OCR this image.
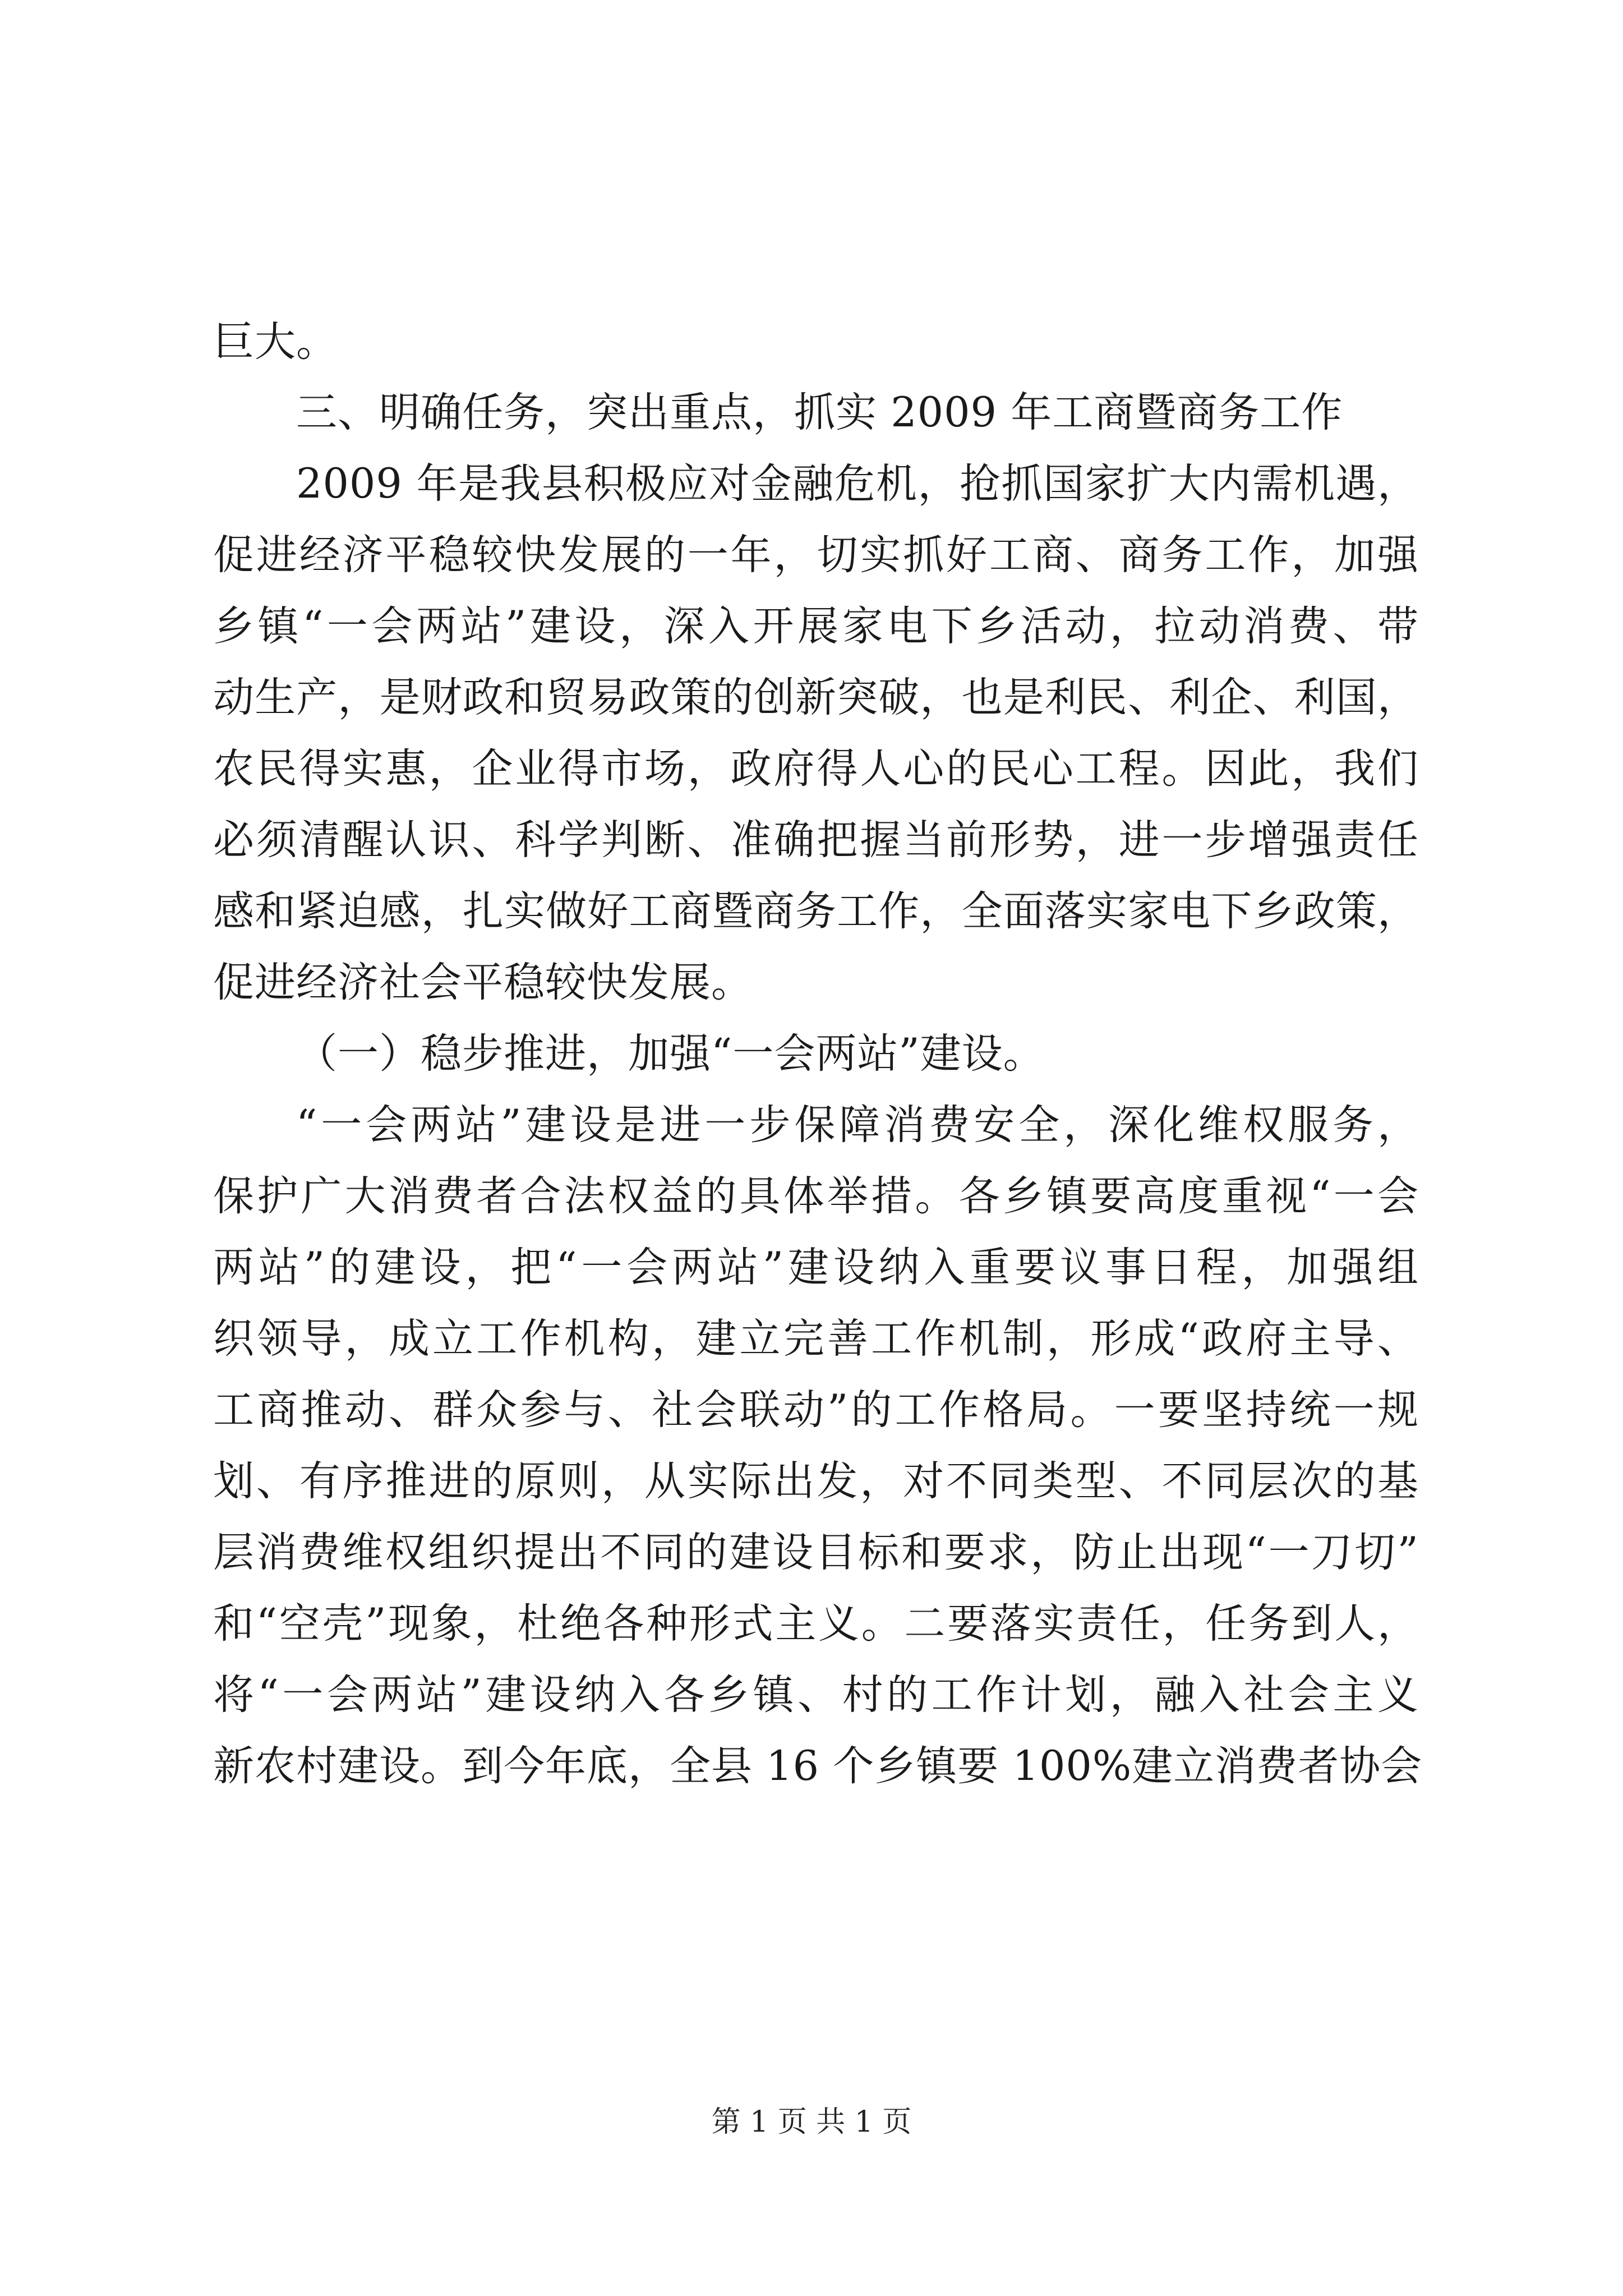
巨大。
三、明确任务，突出重点，抓实 2009 年工商暨商务工作
2009 年是我县积极应对金融危机，抢抓国家扩大内需机遇，
促进经济平稳较快发展的一年，切实抓好工商、商务工作，加强
乡镇“一会两站”建设，深入开展家电下乡活动，拉动消费、带
动生产，是财政和贸易政策的创新突破，也是利民、利企、利国，
农民得实惠，企业得市场，政府得人心的民心工程。因此，我们
必须清醒认识、科学判断、准确把握当前形势，进一步增强责任
感和紧迫感，扎实做好工商暨商务工作，全面落实家电下乡政策，
促进经济社会平稳较快发展。
（一）稳步推进，加强“一会两站”建设。
“一会两站”建设是进一步保障消费安全，深化维权服务，
保护广大消费者合法权益的具体举措。各乡镇要高度重视“一会
两站”的建设，把“一会两站”建设纳入重要议事日程，加强组
织领导，成立工作机构，建立完善工作机制，形成“政府主导、
工商推动、群众参与、社会联动”的工作格局。一要坚持统一规
划、有序推进的原则，从实际出发，对不同类型、不同层次的基
层消费维权组织提出不同的建设目标和要求，防止出现“一刀切”
和“空壳”现象，杜绝各种形式主义。二要落实责任，任务到人，
将“一会两站”建设纳入各乡镇、村的工作计划，融入社会主义
新农村建设。到今年底，全县 16 个乡镇要 100%建立消费者协会
第 1 页 共 1 页
